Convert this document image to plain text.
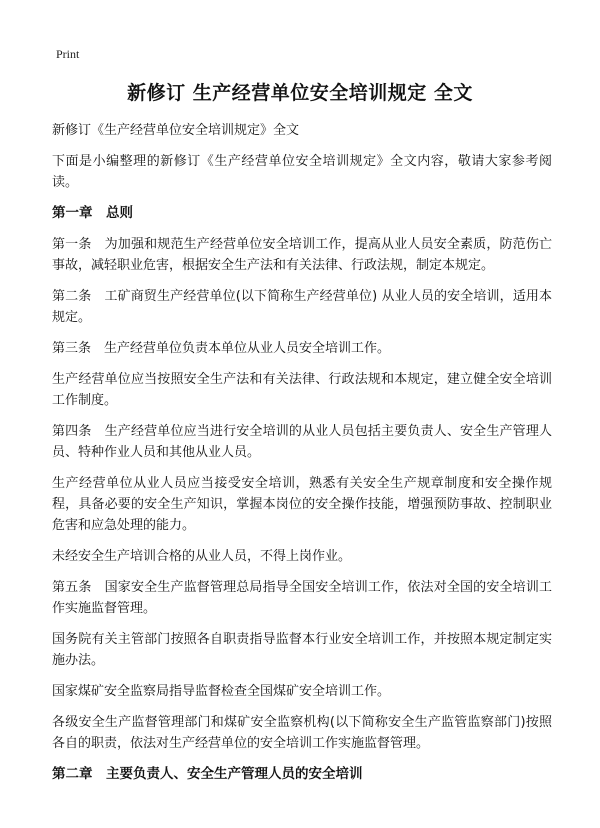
Print
新修订 生产经营单位安全培训规定 全文

新修订《生产经营单位安全培训规定》全文

下面是小编整理的新修订《生产经营单位安全培训规定》全文内容，敬请大家参考阅读。

第一章　总则

第一条　为加强和规范生产经营单位安全培训工作，提高从业人员安全素质，防范伤亡事故，减轻职业危害，根据安全生产法和有关法律、行政法规，制定本规定。

第二条　工矿商贸生产经营单位(以下简称生产经营单位) 从业人员的安全培训，适用本规定。

第三条　生产经营单位负责本单位从业人员安全培训工作。

生产经营单位应当按照安全生产法和有关法律、行政法规和本规定，建立健全安全培训工作制度。

第四条　生产经营单位应当进行安全培训的从业人员包括主要负责人、安全生产管理人员、特种作业人员和其他从业人员。

生产经营单位从业人员应当接受安全培训，熟悉有关安全生产规章制度和安全操作规程，具备必要的安全生产知识，掌握本岗位的安全操作技能，增强预防事故、控制职业危害和应急处理的能力。

未经安全生产培训合格的从业人员，不得上岗作业。

第五条　国家安全生产监督管理总局指导全国安全培训工作，依法对全国的安全培训工作实施监督管理。

国务院有关主管部门按照各自职责指导监督本行业安全培训工作，并按照本规定制定实施办法。

国家煤矿安全监察局指导监督检查全国煤矿安全培训工作。

各级安全生产监督管理部门和煤矿安全监察机构(以下简称安全生产监管监察部门)按照各自的职责，依法对生产经营单位的安全培训工作实施监督管理。

第二章　主要负责人、安全生产管理人员的安全培训
